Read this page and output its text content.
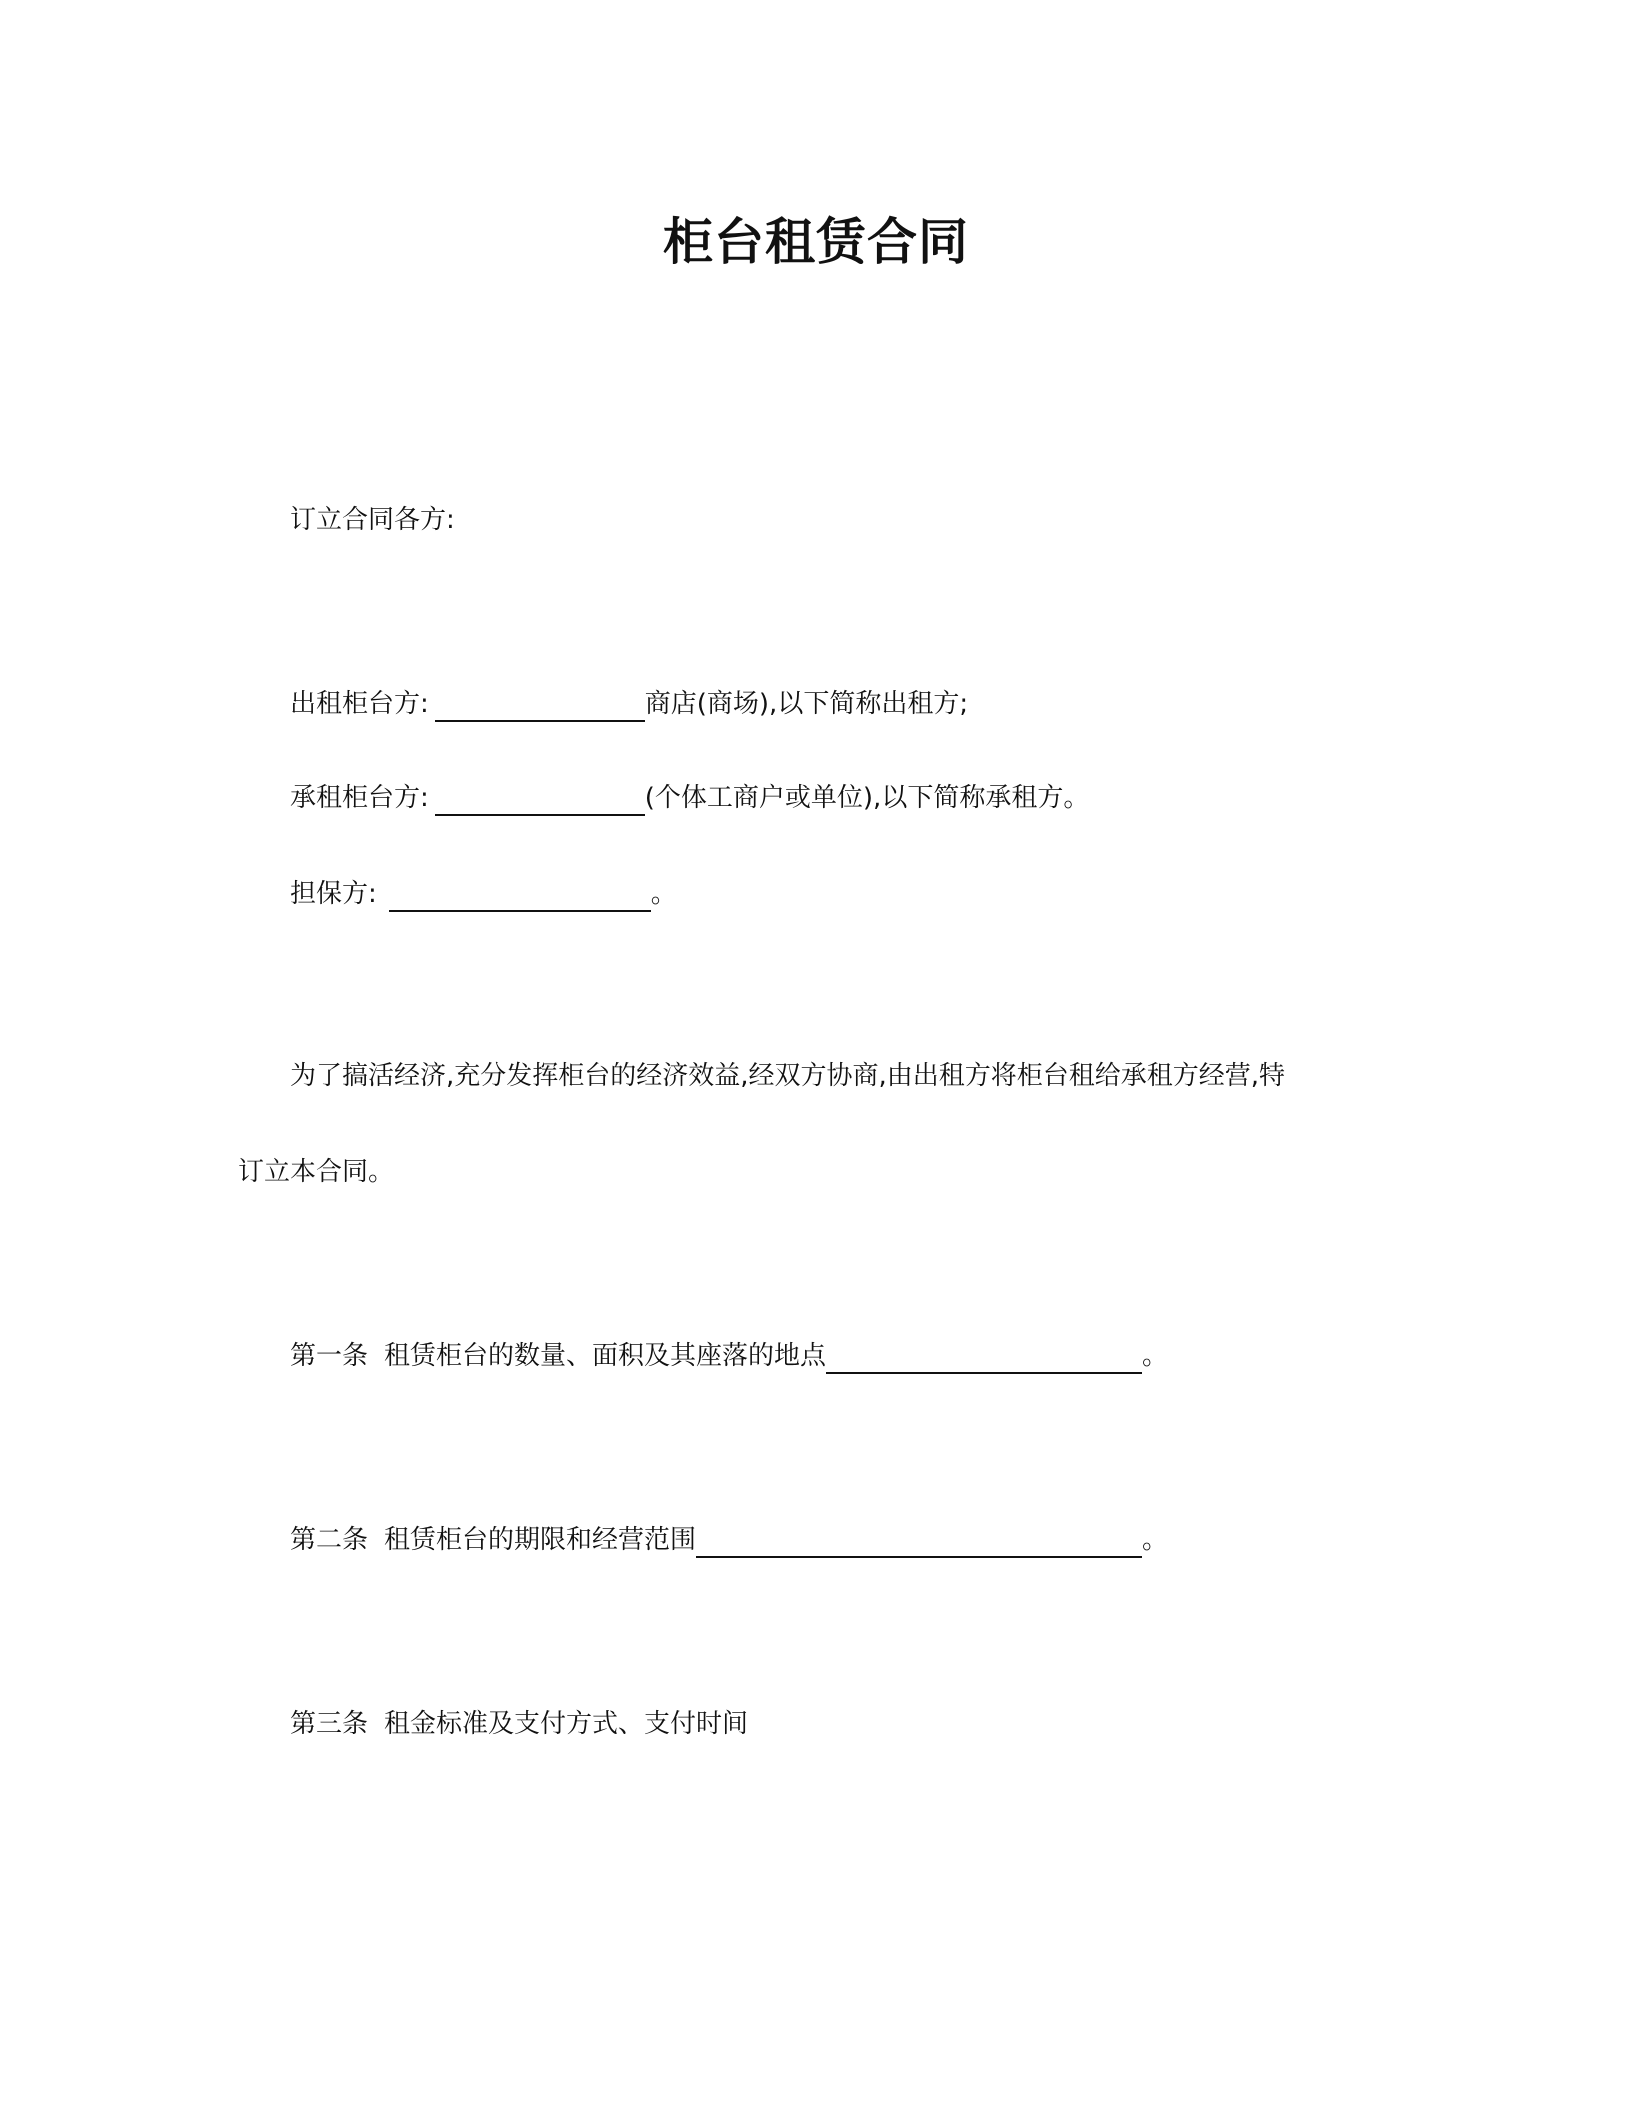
柜台租赁合同
订立合同各方:
出租柜台方:	商店(商场),以下简称出租方;
承租柜台方:	(个体工商户或单位),以下简称承租方。
担保方:	。
为了搞活经济,充分发挥柜台的经济效益,经双方协商,由出租方将柜台租给承租方经营,特
订立本合同。
第一条 租赁柜台的数量、面积及其座落的地点	。
第二条 租赁柜台的期限和经营范围	。
第三条 租金标准及支付方式、支付时间
